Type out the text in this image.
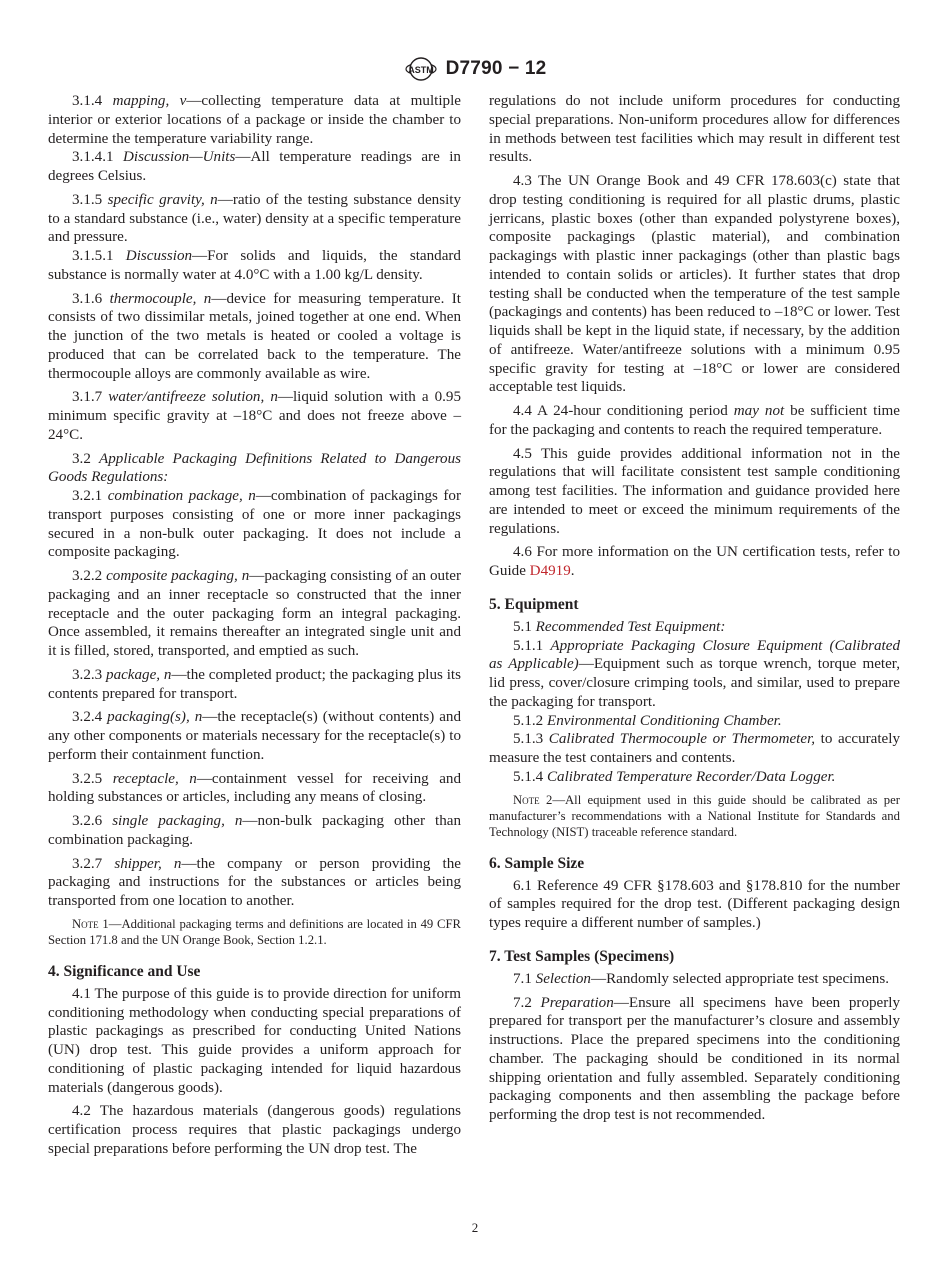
ASTM D7790 − 12

3.1.4 mapping, v—collecting temperature data at multiple interior or exterior locations of a package or inside the chamber to determine the temperature variability range.

3.1.4.1 Discussion—Units—All temperature readings are in degrees Celsius.

3.1.5 specific gravity, n—ratio of the testing substance density to a standard substance (i.e., water) density at a specific temperature and pressure.

3.1.5.1 Discussion—For solids and liquids, the standard substance is normally water at 4.0°C with a 1.00 kg/L density.

3.1.6 thermocouple, n—device for measuring temperature. It consists of two dissimilar metals, joined together at one end. When the junction of the two metals is heated or cooled a voltage is produced that can be correlated back to the temperature. The thermocouple alloys are commonly available as wire.

3.1.7 water/antifreeze solution, n—liquid solution with a 0.95 minimum specific gravity at –18°C and does not freeze above –24°C.

3.2 Applicable Packaging Definitions Related to Dangerous Goods Regulations:

3.2.1 combination package, n—combination of packagings for transport purposes consisting of one or more inner packagings secured in a non-bulk outer packaging. It does not include a composite packaging.

3.2.2 composite packaging, n—packaging consisting of an outer packaging and an inner receptacle so constructed that the inner receptacle and the outer packaging form an integral packaging. Once assembled, it remains thereafter an integrated single unit and it is filled, stored, transported, and emptied as such.

3.2.3 package, n—the completed product; the packaging plus its contents prepared for transport.

3.2.4 packaging(s), n—the receptacle(s) (without contents) and any other components or materials necessary for the receptacle(s) to perform their containment function.

3.2.5 receptacle, n—containment vessel for receiving and holding substances or articles, including any means of closing.

3.2.6 single packaging, n—non-bulk packaging other than combination packaging.

3.2.7 shipper, n—the company or person providing the packaging and instructions for the substances or articles being transported from one location to another.

Note 1—Additional packaging terms and definitions are located in 49 CFR Section 171.8 and the UN Orange Book, Section 1.2.1.

4. Significance and Use

4.1 The purpose of this guide is to provide direction for uniform conditioning methodology when conducting special preparations of plastic packagings as prescribed for conducting United Nations (UN) drop test. This guide provides a uniform approach for conditioning of plastic packaging intended for liquid hazardous materials (dangerous goods).

4.2 The hazardous materials (dangerous goods) regulations certification process requires that plastic packagings undergo special preparations before performing the UN drop test. The

regulations do not include uniform procedures for conducting special preparations. Non-uniform procedures allow for differences in methods between test facilities which may result in different test results.

4.3 The UN Orange Book and 49 CFR 178.603(c) state that drop testing conditioning is required for all plastic drums, plastic jerricans, plastic boxes (other than expanded polystyrene boxes), composite packagings (plastic material), and combination packagings with plastic inner packagings (other than plastic bags intended to contain solids or articles). It further states that drop testing shall be conducted when the temperature of the test sample (packagings and contents) has been reduced to –18°C or lower. Test liquids shall be kept in the liquid state, if necessary, by the addition of antifreeze. Water/antifreeze solutions with a minimum 0.95 specific gravity for testing at –18°C or lower are considered acceptable test liquids.

4.4 A 24-hour conditioning period may not be sufficient time for the packaging and contents to reach the required temperature.

4.5 This guide provides additional information not in the regulations that will facilitate consistent test sample conditioning among test facilities. The information and guidance provided here are intended to meet or exceed the minimum requirements of the regulations.

4.6 For more information on the UN certification tests, refer to Guide D4919.

5. Equipment

5.1 Recommended Test Equipment:

5.1.1 Appropriate Packaging Closure Equipment (Calibrated as Applicable)—Equipment such as torque wrench, torque meter, lid press, cover/closure crimping tools, and similar, used to prepare the packaging for transport.

5.1.2 Environmental Conditioning Chamber.

5.1.3 Calibrated Thermocouple or Thermometer, to accurately measure the test containers and contents.

5.1.4 Calibrated Temperature Recorder/Data Logger.

Note 2—All equipment used in this guide should be calibrated as per manufacturer’s recommendations with a National Institute for Standards and Technology (NIST) traceable reference standard.

6. Sample Size

6.1 Reference 49 CFR §178.603 and §178.810 for the number of samples required for the drop test. (Different packaging design types require a different number of samples.)

7. Test Samples (Specimens)

7.1 Selection—Randomly selected appropriate test specimens.

7.2 Preparation—Ensure all specimens have been properly prepared for transport per the manufacturer’s closure and assembly instructions. Place the prepared specimens into the conditioning chamber. The packaging should be conditioned in its normal shipping orientation and fully assembled. Separately conditioning packaging components and then assembling the package before performing the drop test is not recommended.

2
